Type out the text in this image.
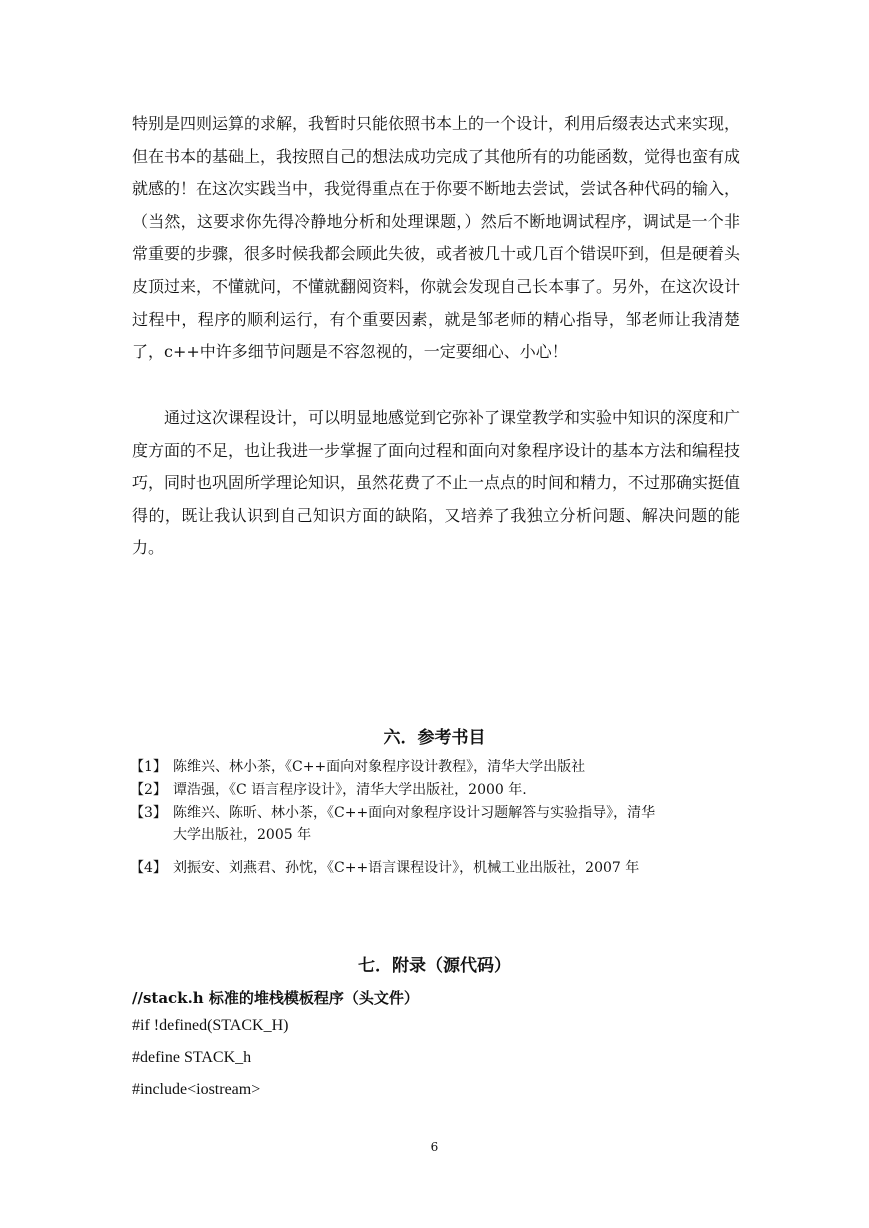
特别是四则运算的求解，我暂时只能依照书本上的一个设计，利用后缀表达式来实现，但在书本的基础上，我按照自己的想法成功完成了其他所有的功能函数，觉得也蛮有成就感的！在这次实践当中，我觉得重点在于你要不断地去尝试，尝试各种代码的输入，（当然，这要求你先得冷静地分析和处理课题，）然后不断地调试程序，调试是一个非常重要的步骤，很多时候我都会顾此失彼，或者被几十或几百个错误吓到，但是硬着头皮顶过来，不懂就问，不懂就翻阅资料，你就会发现自己长本事了。另外，在这次设计过程中，程序的顺利运行，有个重要因素，就是邹老师的精心指导，邹老师让我清楚了，c++中许多细节问题是不容忽视的，一定要细心、小心！

通过这次课程设计，可以明显地感觉到它弥补了课堂教学和实验中知识的深度和广度方面的不足，也让我进一步掌握了面向过程和面向对象程序设计的基本方法和编程技巧，同时也巩固所学理论知识，虽然花费了不止一点点的时间和精力，不过那确实挺值得的，既让我认识到自己知识方面的缺陷，又培养了我独立分析问题、解决问题的能力。

六．参考书目
【1】 陈维兴、林小茶，《C++面向对象程序设计教程》，清华大学出版社
【2】 谭浩强，《C 语言程序设计》，清华大学出版社，2000 年.
【3】 陈维兴、陈昕、林小茶，《C++面向对象程序设计习题解答与实验指导》，清华大学出版社，2005 年
【4】 刘振安、刘燕君、孙忱，《C++语言课程设计》，机械工业出版社，2007 年
七．附录（源代码）
//stack.h 标准的堆栈模板程序（头文件）
#if !defined(STACK_H)
#define STACK_h
#include<iostream>
6
